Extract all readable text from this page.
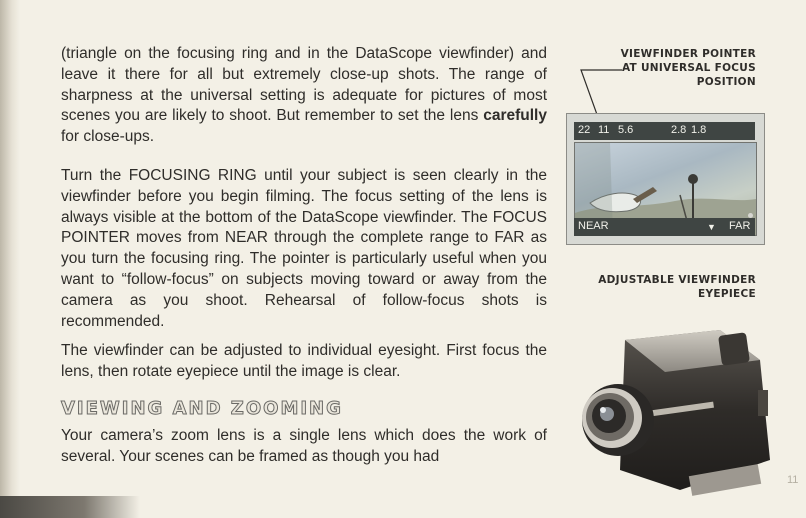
(triangle on the focusing ring and in the DataScope viewfinder) and leave it there for all but extremely close-up shots. The range of sharpness at the universal setting is adequate for pictures of most scenes you are likely to shoot. But remember to set the lens carefully for close-ups.

Turn the FOCUSING RING until your subject is seen clearly in the viewfinder before you begin filming. The focus setting of the lens is always visible at the bottom of the DataScope viewfinder. The FOCUS POINTER moves from NEAR through the complete range to FAR as you turn the focusing ring. The pointer is particularly useful when you want to “follow-focus” on subjects moving toward or away from the camera as you shoot. Rehearsal of follow-focus shots is recommended.

The viewfinder can be adjusted to individual eyesight. First focus the lens, then rotate eyepiece until the image is clear.

VIEWING AND ZOOMING

Your camera’s zoom lens is a single lens which does the work of several. Your scenes can be framed as though you had

VIEWFINDER POINTER
AT UNIVERSAL FOCUS
POSITION
22 11 5.6	2.8 1.8
NEAR	▼ FAR
ADJUSTABLE VIEWFINDER
EYEPIECE
11
